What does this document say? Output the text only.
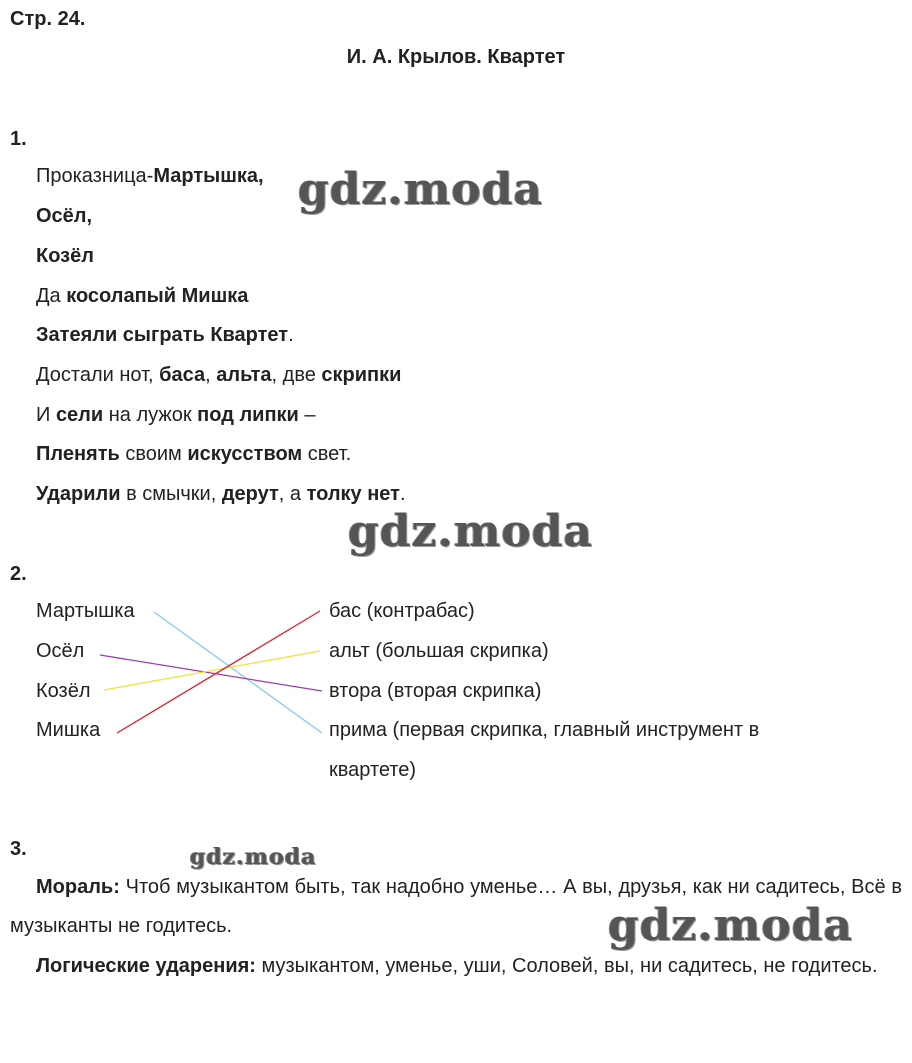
Стр. 24.
И. А. Крылов. Квартет
1.
Проказница-Мартышка,
Осёл,
Козёл
Да косолапый Мишка
Затеяли сыграть Квартет.
Достали нот, баса, альта, две скрипки
И сели на лужок под липки –
Пленять своим искусством свет.
Ударили в смычки, дерут, а толку нет.
2.
Мартышка
Осёл
Козёл
Мишка
бас (контрабас)
альт (большая скрипка)
втора (вторая скрипка)
прима (первая скрипка, главный инструмент в
квартете)
3.
Мораль: Чтоб музыкантом быть, так надобно уменье… А вы, друзья, как ни садитесь, Всё в музыканты не годитесь.
Логические ударения: музыкантом, уменье, уши, Соловей, вы, ни садитесь, не годитесь.
gdz.moda
gdz.moda
gdz.moda
gdz.moda
